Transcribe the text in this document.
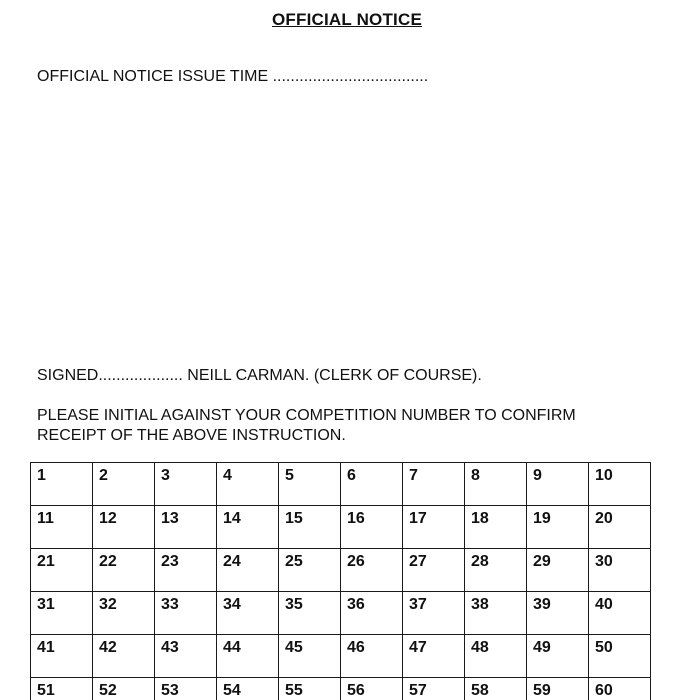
OFFICIAL NOTICE
OFFICIAL NOTICE ISSUE TIME ...................................
SIGNED................... NEILL CARMAN. (CLERK OF COURSE).
PLEASE INITIAL AGAINST YOUR COMPETITION NUMBER TO CONFIRM
RECEIPT OF THE ABOVE INSTRUCTION.
1	2	3	4	5	6	7	8	9	10
11	12	13	14	15	16	17	18	19	20
21	22	23	24	25	26	27	28	29	30
31	32	33	34	35	36	37	38	39	40
41	42	43	44	45	46	47	48	49	50
51	52	53	54	55	56	57	58	59	60
